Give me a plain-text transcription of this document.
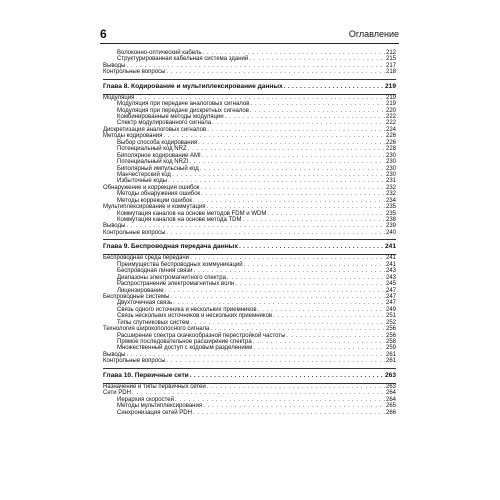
6	Оглавление
Волоконно-оптический кабель . . .	212
Структурированная кабельная система зданий . . .	215
Выводы . . .	217
Контрольные вопросы . . .	218
Глава 8. Кодирование и мультиплексирование данных . . .	219
Модуляция . . .	219
Модуляция при передаче аналоговых сигналов . . .	219
Модуляция при передаче дискретных сигналов . . .	220
Комбинированные методы модуляции . . .	222
Спектр модулированного сигнала . . .	222
Дискретизация аналоговых сигналов . . .	224
Методы кодирования . . .	226
Выбор способа кодирования . . .	226
Потенциальный код NRZ . . .	228
Биполярное кодирование AMI . . .	230
Потенциальный код NRZI . . .	230
Биполярный импульсный код . . .	230
Манчестерский код . . .	230
Избыточные коды . . .	231
Обнаружение и коррекция ошибок . . .	232
Методы обнаружения ошибок . . .	232
Методы коррекции ошибок . . .	234
Мультиплексирование и коммутация . . .	235
Коммутация каналов на основе методов FDM и WDM . . .	235
Коммутация каналов на основе метода TDM . . .	238
Выводы . . .	239
Контрольные вопросы . . .	240
Глава 9. Беспроводная передача данных . . .	241
Беспроводная среда передачи . . .	241
Преимущества беспроводных коммуникаций . . .	241
Беспроводная линия связи . . .	243
Диапазоны электромагнитного спектра . . .	243
Распространение электромагнитных волн . . .	245
Лицензирование . . .	247
Беспроводные системы . . .	247
Двухточечная связь . . .	247
Связь одного источника и нескольких приемников . . .	249
Связь нескольких источников и нескольких приемников . . .	251
Типы спутниковых систем . . .	252
Технология широкополосного сигнала . . .	256
Расширение спектра скачкообразной перестройкой частоты . . .	256
Прямое последовательное расширение спектра . . .	258
Множественный доступ с кодовым разделением . . .	259
Выводы . . .	261
Контрольные вопросы . . .	261
Глава 10. Первичные сети . . .	263
Назначение и типы первичных сетей . . .	263
Сети PDH . . .	264
Иерархия скоростей . . .	264
Методы мультиплексирования . . .	265
Синхронизация сетей PDH . . .	266
